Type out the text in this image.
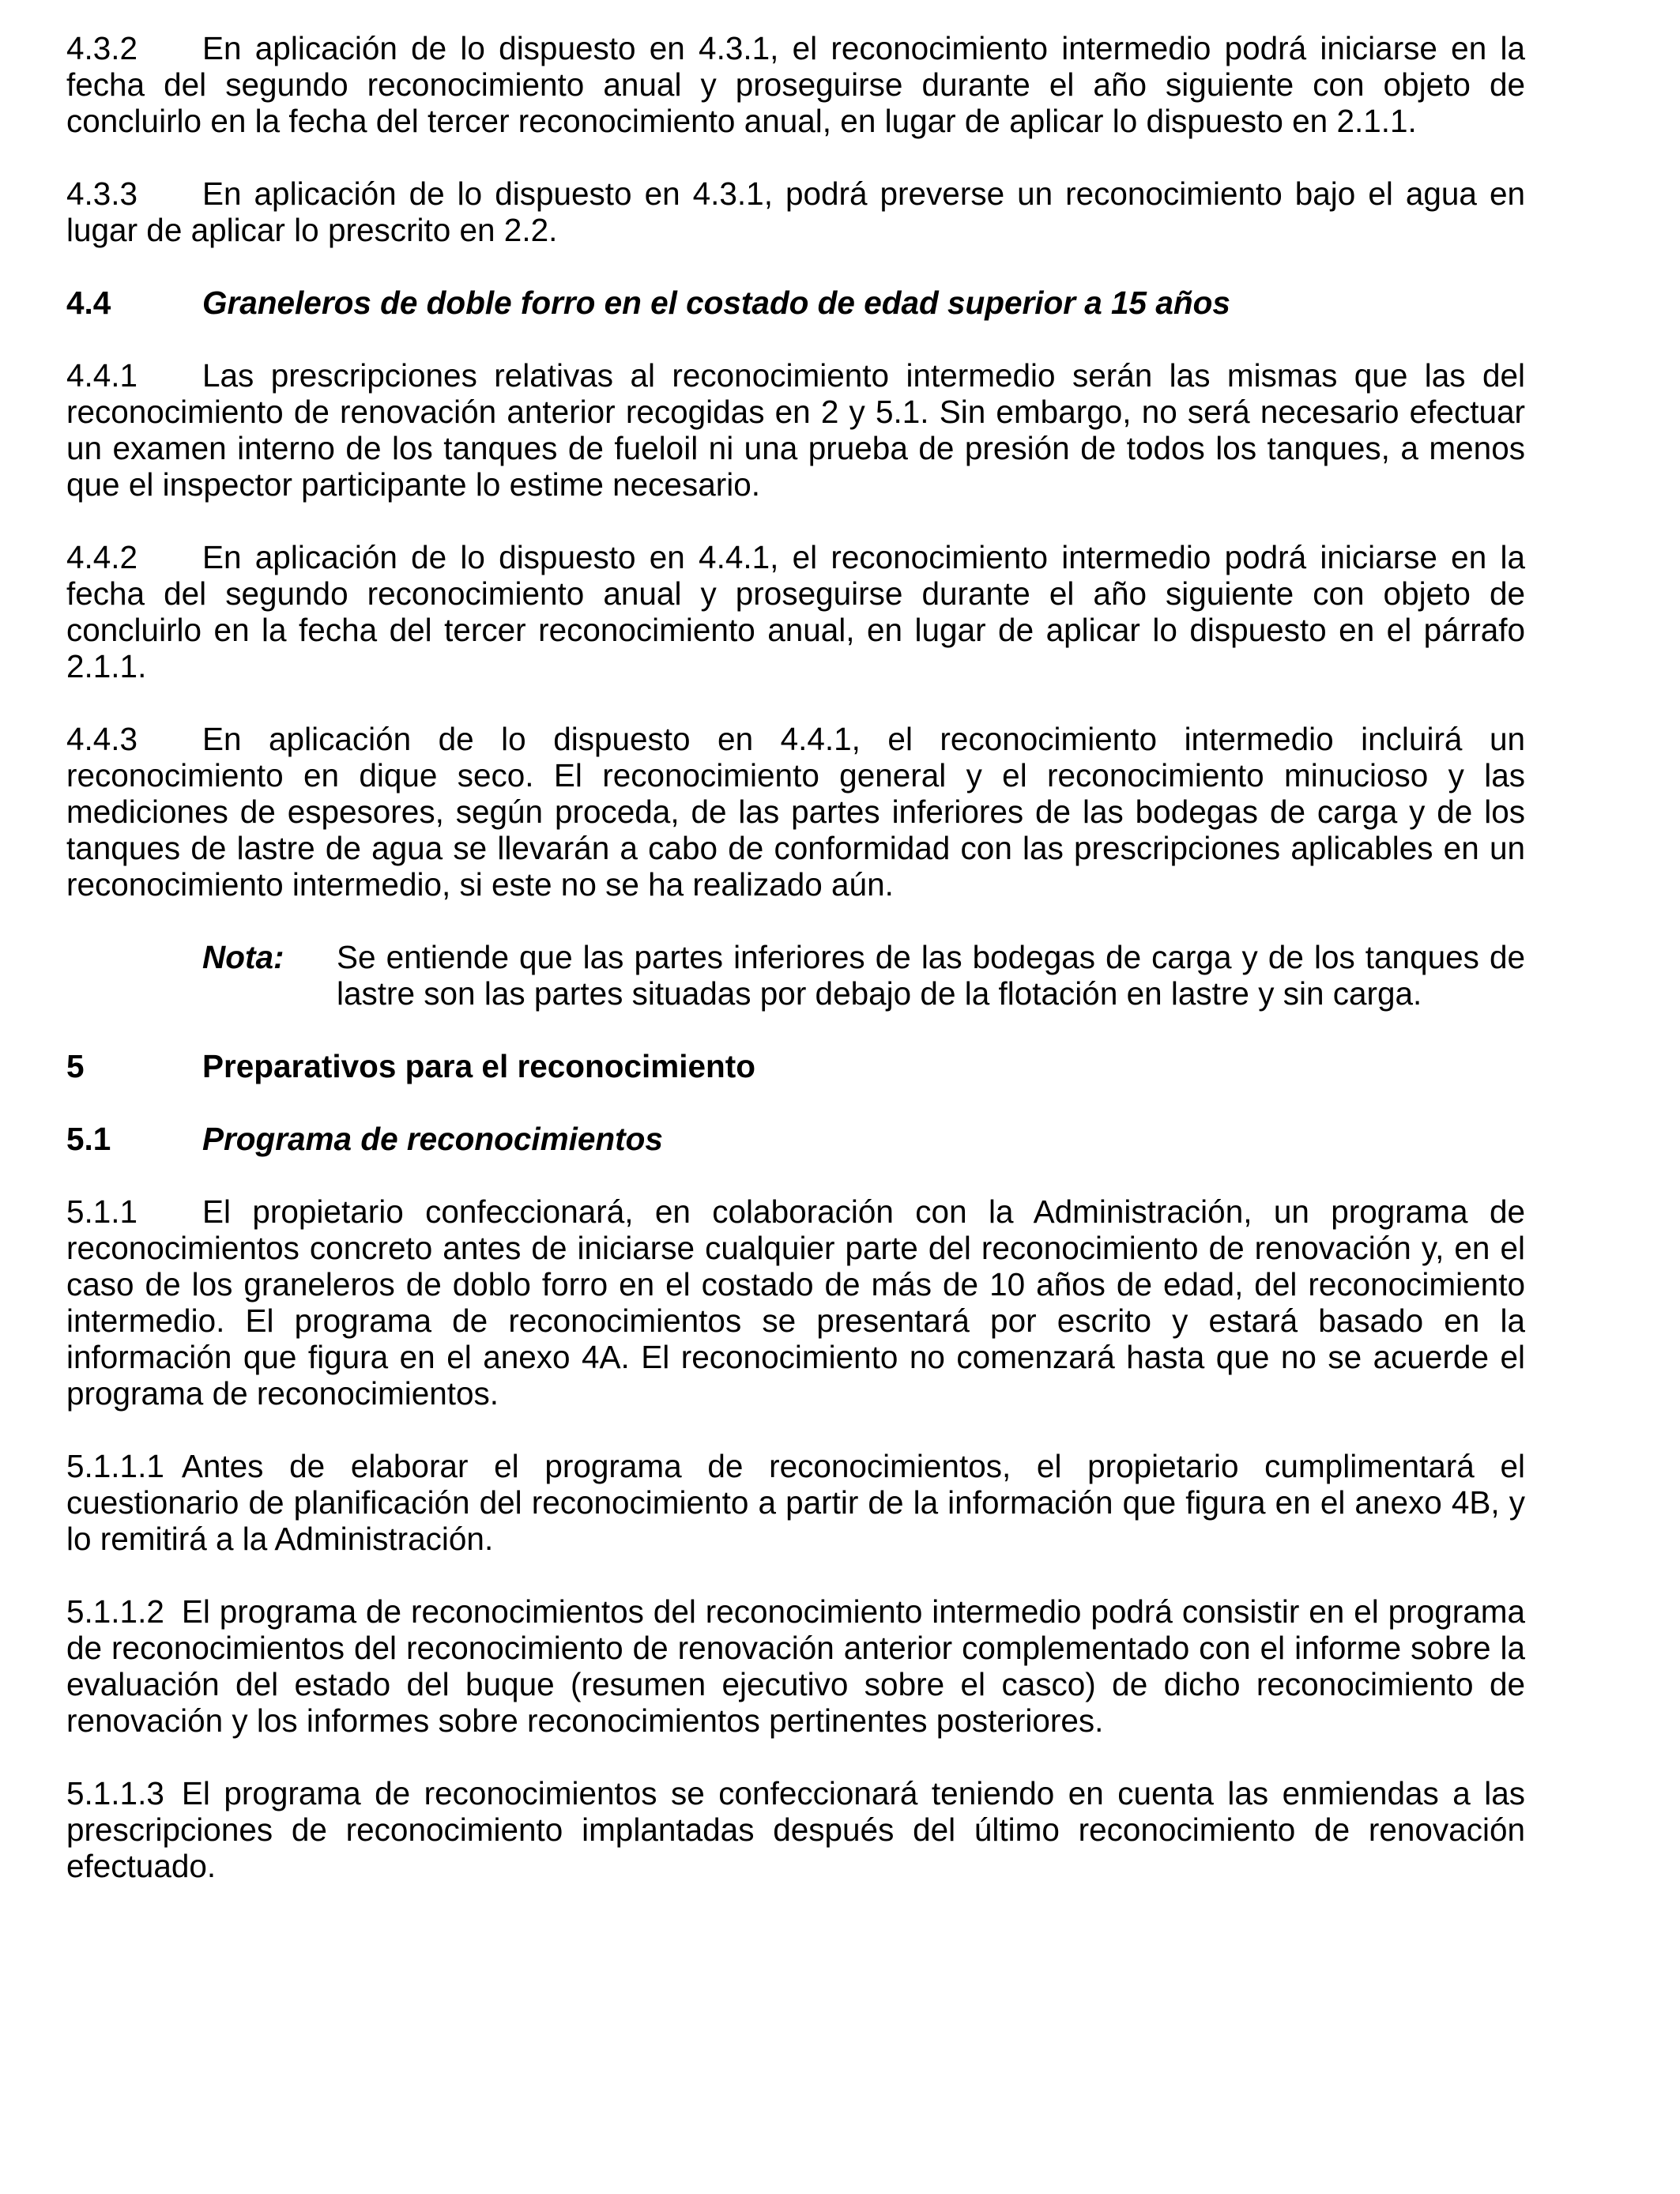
4.3.2 En aplicación de lo dispuesto en 4.3.1, el reconocimiento intermedio podrá iniciarse en la fecha del segundo reconocimiento anual y proseguirse durante el año siguiente con objeto de concluirlo en la fecha del tercer reconocimiento anual, en lugar de aplicar lo dispuesto en 2.1.1.

4.3.3 En aplicación de lo dispuesto en 4.3.1, podrá preverse un reconocimiento bajo el agua en lugar de aplicar lo prescrito en 2.2.

4.4	Graneleros de doble forro en el costado de edad superior a 15 años

4.4.1 Las prescripciones relativas al reconocimiento intermedio serán las mismas que las del reconocimiento de renovación anterior recogidas en 2 y 5.1. Sin embargo, no será necesario efectuar un examen interno de los tanques de fueloil ni una prueba de presión de todos los tanques, a menos que el inspector participante lo estime necesario.

4.4.2 En aplicación de lo dispuesto en 4.4.1, el reconocimiento intermedio podrá iniciarse en la fecha del segundo reconocimiento anual y proseguirse durante el año siguiente con objeto de concluirlo en la fecha del tercer reconocimiento anual, en lugar de aplicar lo dispuesto en el párrafo 2.1.1.

4.4.3 En aplicación de lo dispuesto en 4.4.1, el reconocimiento intermedio incluirá un reconocimiento en dique seco. El reconocimiento general y el reconocimiento minucioso y las mediciones de espesores, según proceda, de las partes inferiores de las bodegas de carga y de los tanques de lastre de agua se llevarán a cabo de conformidad con las prescripciones aplicables en un reconocimiento intermedio, si este no se ha realizado aún.

Nota:	Se entiende que las partes inferiores de las bodegas de carga y de los tanques de lastre son las partes situadas por debajo de la flotación en lastre y sin carga.

5	Preparativos para el reconocimiento

5.1	Programa de reconocimientos

5.1.1 El propietario confeccionará, en colaboración con la Administración, un programa de reconocimientos concreto antes de iniciarse cualquier parte del reconocimiento de renovación y, en el caso de los graneleros de doblo forro en el costado de más de 10 años de edad, del reconocimiento intermedio. El programa de reconocimientos se presentará por escrito y estará basado en la información que figura en el anexo 4A. El reconocimiento no comenzará hasta que no se acuerde el programa de reconocimientos.

5.1.1.1 Antes de elaborar el programa de reconocimientos, el propietario cumplimentará el cuestionario de planificación del reconocimiento a partir de la información que figura en el anexo 4B, y lo remitirá a la Administración.

5.1.1.2 El programa de reconocimientos del reconocimiento intermedio podrá consistir en el programa de reconocimientos del reconocimiento de renovación anterior complementado con el informe sobre la evaluación del estado del buque (resumen ejecutivo sobre el casco) de dicho reconocimiento de renovación y los informes sobre reconocimientos pertinentes posteriores.

5.1.1.3 El programa de reconocimientos se confeccionará teniendo en cuenta las enmiendas a las prescripciones de reconocimiento implantadas después del último reconocimiento de renovación efectuado.
